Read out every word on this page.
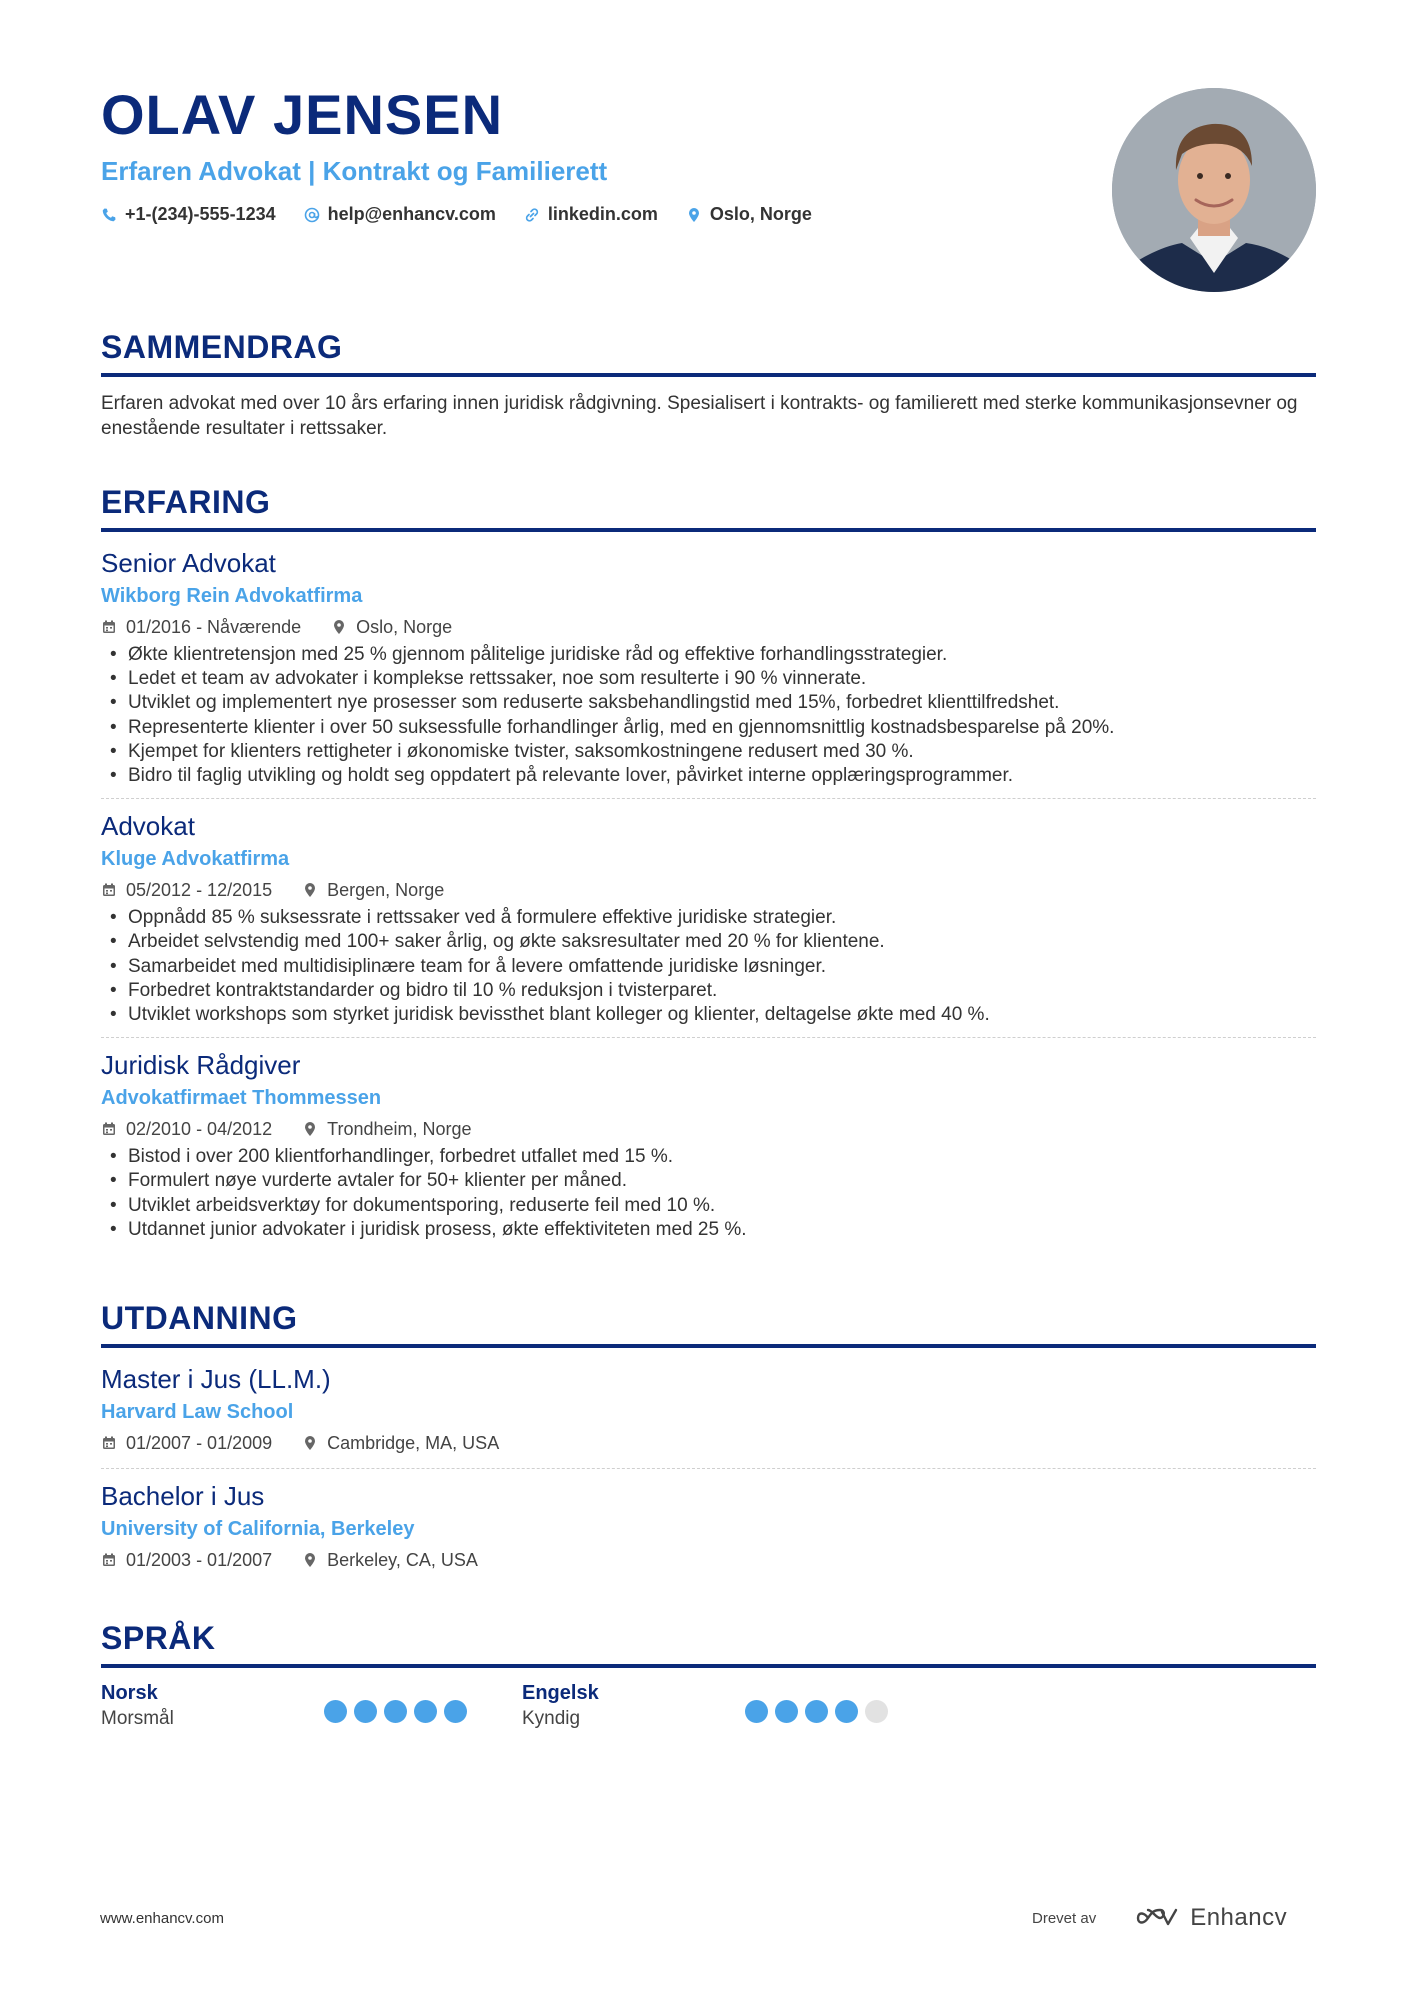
OLAV JENSEN
Erfaren Advokat | Kontrakt og Familierett
+1-(234)-555-1234	help@enhancv.com	linkedin.com	Oslo, Norge
SAMMENDRAG
Erfaren advokat med over 10 års erfaring innen juridisk rådgivning. Spesialisert i kontrakts- og familierett med sterke kommunikasjonsevner og enestående resultater i rettssaker.
ERFARING
Senior Advokat
Wikborg Rein Advokatfirma
01/2016 - Nåværende	Oslo, Norge
• Økte klientretensjon med 25 % gjennom pålitelige juridiske råd og effektive forhandlingsstrategier.
• Ledet et team av advokater i komplekse rettssaker, noe som resulterte i 90 % vinnerate.
• Utviklet og implementert nye prosesser som reduserte saksbehandlingstid med 15%, forbedret klienttilfredshet.
• Representerte klienter i over 50 suksessfulle forhandlinger årlig, med en gjennomsnittlig kostnadsbesparelse på 20%.
• Kjempet for klienters rettigheter i økonomiske tvister, saksomkostningene redusert med 30 %.
• Bidro til faglig utvikling og holdt seg oppdatert på relevante lover, påvirket interne opplæringsprogrammer.
Advokat
Kluge Advokatfirma
05/2012 - 12/2015	Bergen, Norge
• Oppnådd 85 % suksessrate i rettssaker ved å formulere effektive juridiske strategier.
• Arbeidet selvstendig med 100+ saker årlig, og økte saksresultater med 20 % for klientene.
• Samarbeidet med multidisiplinære team for å levere omfattende juridiske løsninger.
• Forbedret kontraktstandarder og bidro til 10 % reduksjon i tvisterparet.
• Utviklet workshops som styrket juridisk bevissthet blant kolleger og klienter, deltagelse økte med 40 %.
Juridisk Rådgiver
Advokatfirmaet Thommessen
02/2010 - 04/2012	Trondheim, Norge
• Bistod i over 200 klientforhandlinger, forbedret utfallet med 15 %.
• Formulert nøye vurderte avtaler for 50+ klienter per måned.
• Utviklet arbeidsverktøy for dokumentsporing, reduserte feil med 10 %.
• Utdannet junior advokater i juridisk prosess, økte effektiviteten med 25 %.
UTDANNING
Master i Jus (LL.M.)
Harvard Law School
01/2007 - 01/2009	Cambridge, MA, USA
Bachelor i Jus
University of California, Berkeley
01/2003 - 01/2007	Berkeley, CA, USA
SPRÅK
Norsk
Morsmål
Engelsk
Kyndig
www.enhancv.com	Drevet av	Enhancv
